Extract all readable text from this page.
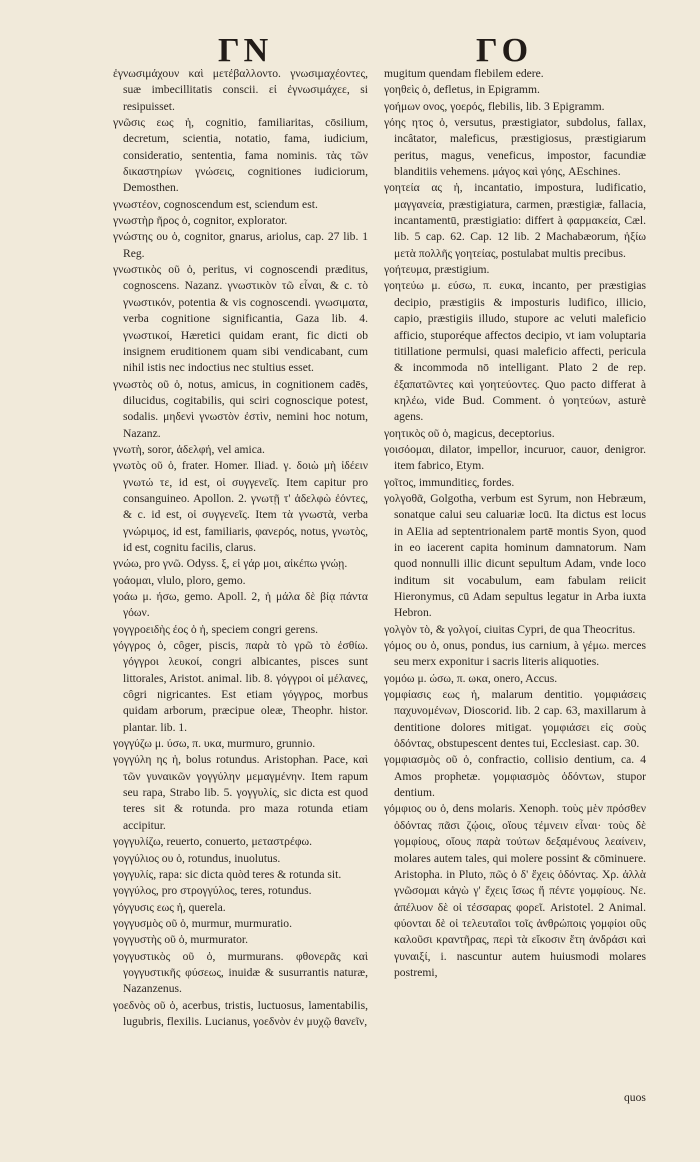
ΓΝ	ΓΟ

ἐγνωσιμάχουν καὶ μετέβαλλοντο. γνωσιμαχέοντες, suæ imbecillitatis conscii. εἰ ἐγνωσιμάχεε, si resipuisset.

γνῶσις εως ἡ, cognitio, familiaritas, cōsilium, decretum, scientia, notatio, fama, iudicium, consideratio, sententia, fama nominis. τὰς τῶν δικαστηρίων γνώσεις, cognitiones iudiciorum, Demosthen.

γνωστέον, cognoscendum est, sciendum est.

γνωστὴρ ῆρος ὁ, cognitor, explorator.

γνώστης ου ὁ, cognitor, gnarus, ariolus, cap. 27 lib. 1 Reg.

γνωστικὸς οῦ ὁ, peritus, vi cognoscendi præditus, cognoscens. Nazanz. γνωστικὸν τῶ εἶναι, & c. τὸ γνωστικόν, potentia & vis cognoscendi. γνωσιματα, verba cognitione significantia, Gaza lib. 4. γνωστικοί, Hæretici quidam erant, fic dicti ob insignem eruditionem quam sibi vendicabant, cum nihil istis nec indoctius nec stultius esset.

γνωστὸς οῦ ὁ, notus, amicus, in cognitionem cadēs, dilucidus, cogitabilis, qui sciri cognoscique potest, sodalis. μηδενὶ γνωστὸν ἐστὶν, nemini hoc notum, Nazanz.

γνωτὴ, soror, ἀδελφή, vel amica.

γνωτὸς οῦ ὁ, frater. Homer. Iliad. γ. δοιὼ μὴ ἰδέειν γνωτώ τε, id est, οἱ συγγενεῖς. Item capitur pro consanguineo. Apollon. 2. γνωτῇ τ' ἀδελφὼ ἐόντες, & c. id est, οἱ συγγενεῖς. Item τὰ γνωστὰ, verba γνώριμος, id est, familiaris, φανερός, notus, γνωτὸς, id est, cognitu facilis, clarus.

γνώω, pro γνῶ. Odyss. ξ, εἰ γάρ μοι, αἰκέπω γνώῃ.

γοάομαι, vlulo, ploro, gemo.

γοάω μ. ήσω, gemo. Apoll. 2, ἡ μάλα δὲ βίᾳ πάντα γόων.

γογγροειδὴς έος ὁ ἡ, speciem congri gerens.

γόγγρος ὁ, côger, piscis, παρὰ τὸ γρῶ τὸ ἐσθίω. γόγγροι λευκοί, congri albicantes, pisces sunt littorales, Aristot. animal. lib. 8. γόγγροι οἱ μέλανες, côgri nigricantes. Est etiam γόγγρος, morbus quidam arborum, præcipue oleæ, Theophr. histor. plantar. lib. 1.

γογγύζω μ. ύσω, π. υκα, murmuro, grunnio.

γογγύλη ης ἡ, bolus rotundus. Aristophan. Pace, καὶ τῶν γυναικῶν γογγύλην μεμαγμένην. Item rapum seu rapa, Strabo lib. 5. γογγυλίς, sic dicta est quod teres sit & rotunda. pro maza rotunda etiam accipitur.

γογγυλίζω, reuerto, conuerto, μεταστρέφω.

γογγύλιος ου ὁ, rotundus, inuolutus.

γογγυλίς, rapa: sic dicta quòd teres & rotunda sit.

γογγύλος, pro στρογγύλος, teres, rotundus.

γόγγυσις εως ἡ, querela.

γογγυσμὸς οῦ ὁ, murmur, murmuratio.

γογγυστὴς οῦ ὁ, murmurator.

γογγυστικὸς οῦ ὁ, murmurans. φθονερᾶς καὶ γογγυστικῆς φύσεως, inuidæ & susurrantis naturæ, Nazanzenus.

γοεδνὸς οῦ ὁ, acerbus, tristis, luctuosus, lamentabilis, lugubris, flexilis. Lucianus, γοεδνὸν ἐν μυχῷ θανεῖν,

mugitum quendam flebilem edere.

γοηθεὶς ὁ, defletus, in Epigramm.

γοήμων ονος, γοερός, flebilis, lib. 3 Epigramm.

γόης ητος ὁ, versutus, præstigiator, subdolus, fallax, incâtator, maleficus, præstigiosus, præstigiarum peritus, magus, veneficus, impostor, facundiæ blanditiis vehemens. μάγος καὶ γόης, AEschines.

γοητεία ας ἡ, incantatio, impostura, ludificatio, μαγγανεία, præstigiatura, carmen, præstigiæ, fallacia, incantamentū, præstigiatio: differt à φαρμακεία, Cæl. lib. 5 cap. 62. Cap. 12 lib. 2 Machabæorum, ἠξίω μετὰ πολλῆς γοητείας, postulabat multis precibus.

γοήτευμα, præstigium.

γοητεύω μ. εύσω, π. ευκα, incanto, per præstigias decipio, præstigiis & imposturis ludifico, illicio, capio, præstigiis illudo, stupore ac veluti maleficio afficio, stuporéque affectos decipio, vt iam voluptaria titillatione permulsi, quasi maleficio affecti, pericula & incommoda nō intelligant. Plato 2 de rep. ἐξαπατῶντες καὶ γοητεύοντες. Quo pacto differat à κηλέω, vide Bud. Comment. ὁ γοητεύων, asturè agens.

γοητικὸς οῦ ὁ, magicus, deceptorius.

γοισόομαι, dilator, impellor, incuruor, cauor, denigror. item fabrico, Etym.

γοῖτος, immunditiες, fordes.

γολγοθᾶ, Golgotha, verbum est Syrum, non Hebræum, sonatque calui seu caluariæ locū. Ita dictus est locus in AElia ad septentrionalem partē montis Syon, quod in eo iacerent capita hominum damnatorum. Nam quod nonnulli illic dicunt sepultum Adam, vnde loco inditum sit vocabulum, eam fabulam reiicit Hieronymus, cū Adam sepultus legatur in Arba iuxta Hebron.

γολγὸν τὸ, & γολγοί, ciuitas Cypri, de qua Theocritus.

γόμος ου ὁ, onus, pondus, ius carnium, à γέμω. merces seu merx exponitur i sacris literis aliquoties.

γομόω μ. ώσω, π. ωκα, onero, Accus.

γομφίασις εως ἡ, malarum dentitio. γομφιάσεις παχυνομένων, Dioscorid. lib. 2 cap. 63, maxillarum à dentitione dolores mitigat. γομφιάσει εἰς σοὺς ὀδόντας, obstupescent dentes tui, Ecclesiast. cap. 30.

γομφιασμὸς οῦ ὁ, confractio, collisio dentium, ca. 4 Amos prophetæ. γομφιασμὸς ὀδόντων, stupor dentium.

γόμφιος ου ὁ, dens molaris. Xenoph. τοὺς μὲν πρόσθεν ὀδόντας πᾶσι ζῴοις, οἵους τέμνειν εἶναι· τοὺς δὲ γομφίους, οἵους παρὰ τούτων δεξαμένους λεαίνειν, molares autem tales, qui molere possint & cōminuere. Aristopha. in Pluto, πῶς ὁ δ' ἔχεις ὀδόντας. Χρ. ἀλλὰ γνῶσομαι κἀγὼ γ' ἔχεις ἴσως ἤ πέντε γομφίους. Νε. ἀπέλυον δὲ οἱ τέσσαρας φορεῖ. Aristotel. 2 Animal. φύονται δὲ οἱ τελευταῖοι τοῖς ἀνθρώποις γομφίοι οὓς καλοῦσι κραντῆρας, περὶ τὰ εἴκοσιν ἔτη ἀνδράσι καὶ γυναιξί, i. nascuntur autem huiusmodi molares postremi,

quos
